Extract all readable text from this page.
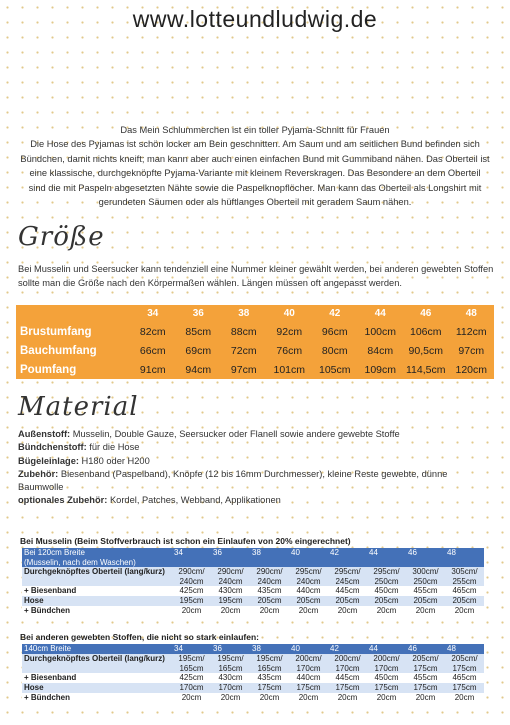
www.lotteundludwig.de
Das Mein Schlummerchen ist ein toller Pyjama-Schnitt für Frauen
Die Hose des Pyjamas ist schön locker am Bein geschnitten. Am Saum und am seitlichen Bund befinden sich Bündchen, damit nichts kneift; man kann aber auch einen einfachen Bund mit Gummiband nähen. Das Oberteil ist eine klassische, durchgeknöpfte Pyjama-Variante mit kleinem Reverskragen. Das Besondere an dem Oberteil sind die mit Paspeln abgesetzten Nähte sowie die Paspelknopflöcher. Man kann das Oberteil als Longshirt mit gerundeten Säumen oder als hüftlanges Oberteil mit geradem Saum nähen.
Größe
Bei Musselin und Seersucker kann tendenziell eine Nummer kleiner gewählt werden, bei anderen gewebten Stoffen sollte man die Größe nach den Körpermaßen wählen. Längen müssen oft angepasst werden.
34	36	38	40	42	44	46	48
Brustumfang	82cm	85cm	88cm	92cm	96cm	100cm	106cm	112cm
Bauchumfang	66cm	69cm	72cm	76cm	80cm	84cm	90,5cm	97cm
Poumfang	91cm	94cm	97cm	101cm	105cm	109cm 114,5cm 120cm
Material
Außenstoff: Musselin, Double Gauze, Seersucker oder Flanell sowie andere gewebte Stoffe
Bündchenstoff: für die Hose
Bügeleinlage: H180 oder H200
Zubehör: Biesenband (Paspelband), Knöpfe (12 bis 16mm Durchmesser), kleine Reste gewebte, dünne Baumwolle
optionales Zubehör: Kordel, Patches, Webband, Applikationen
Bei Musselin (Beim Stoffverbrauch ist schon ein Einlaufen von 20% eingerechnet)
Bei 120cm Breite
(Musselin, nach dem Waschen)	34	36	38	40	42	44	46	48
Durchgeknöpftes Oberteil (lang/kurz)	290cm/ 240cm	290cm/ 240cm	290cm/ 240cm	295cm/ 240cm	295cm/ 245cm	295cm/ 250cm	300cm/ 250cm	305cm/ 255cm
+ Biesenband	425cm	430cm	435cm	440cm	445cm	450cm	455cm	465cm
Hose	195cm	195cm	205cm	205cm	205cm	205cm	205cm	205cm
+ Bündchen	20cm	20cm	20cm	20cm	20cm	20cm	20cm	20cm
Bei anderen gewebten Stoffen, die nicht so stark einlaufen:
140cm Breite	34	36	38	40	42	44	46	48
Durchgeknöpftes Oberteil (lang/kurz)	195cm/ 165cm	195cm/ 165cm	195cm/ 165cm	200cm/ 170cm	200cm/ 170cm	200cm/ 170cm	205cm/ 175cm	205cm/ 175cm
+ Biesenband	425cm	430cm	435cm	440cm	445cm	450cm	455cm	465cm
Hose	170cm	170cm	175cm	175cm	175cm	175cm	175cm	175cm
+ Bündchen	20cm	20cm	20cm	20cm	20cm	20cm	20cm	20cm
